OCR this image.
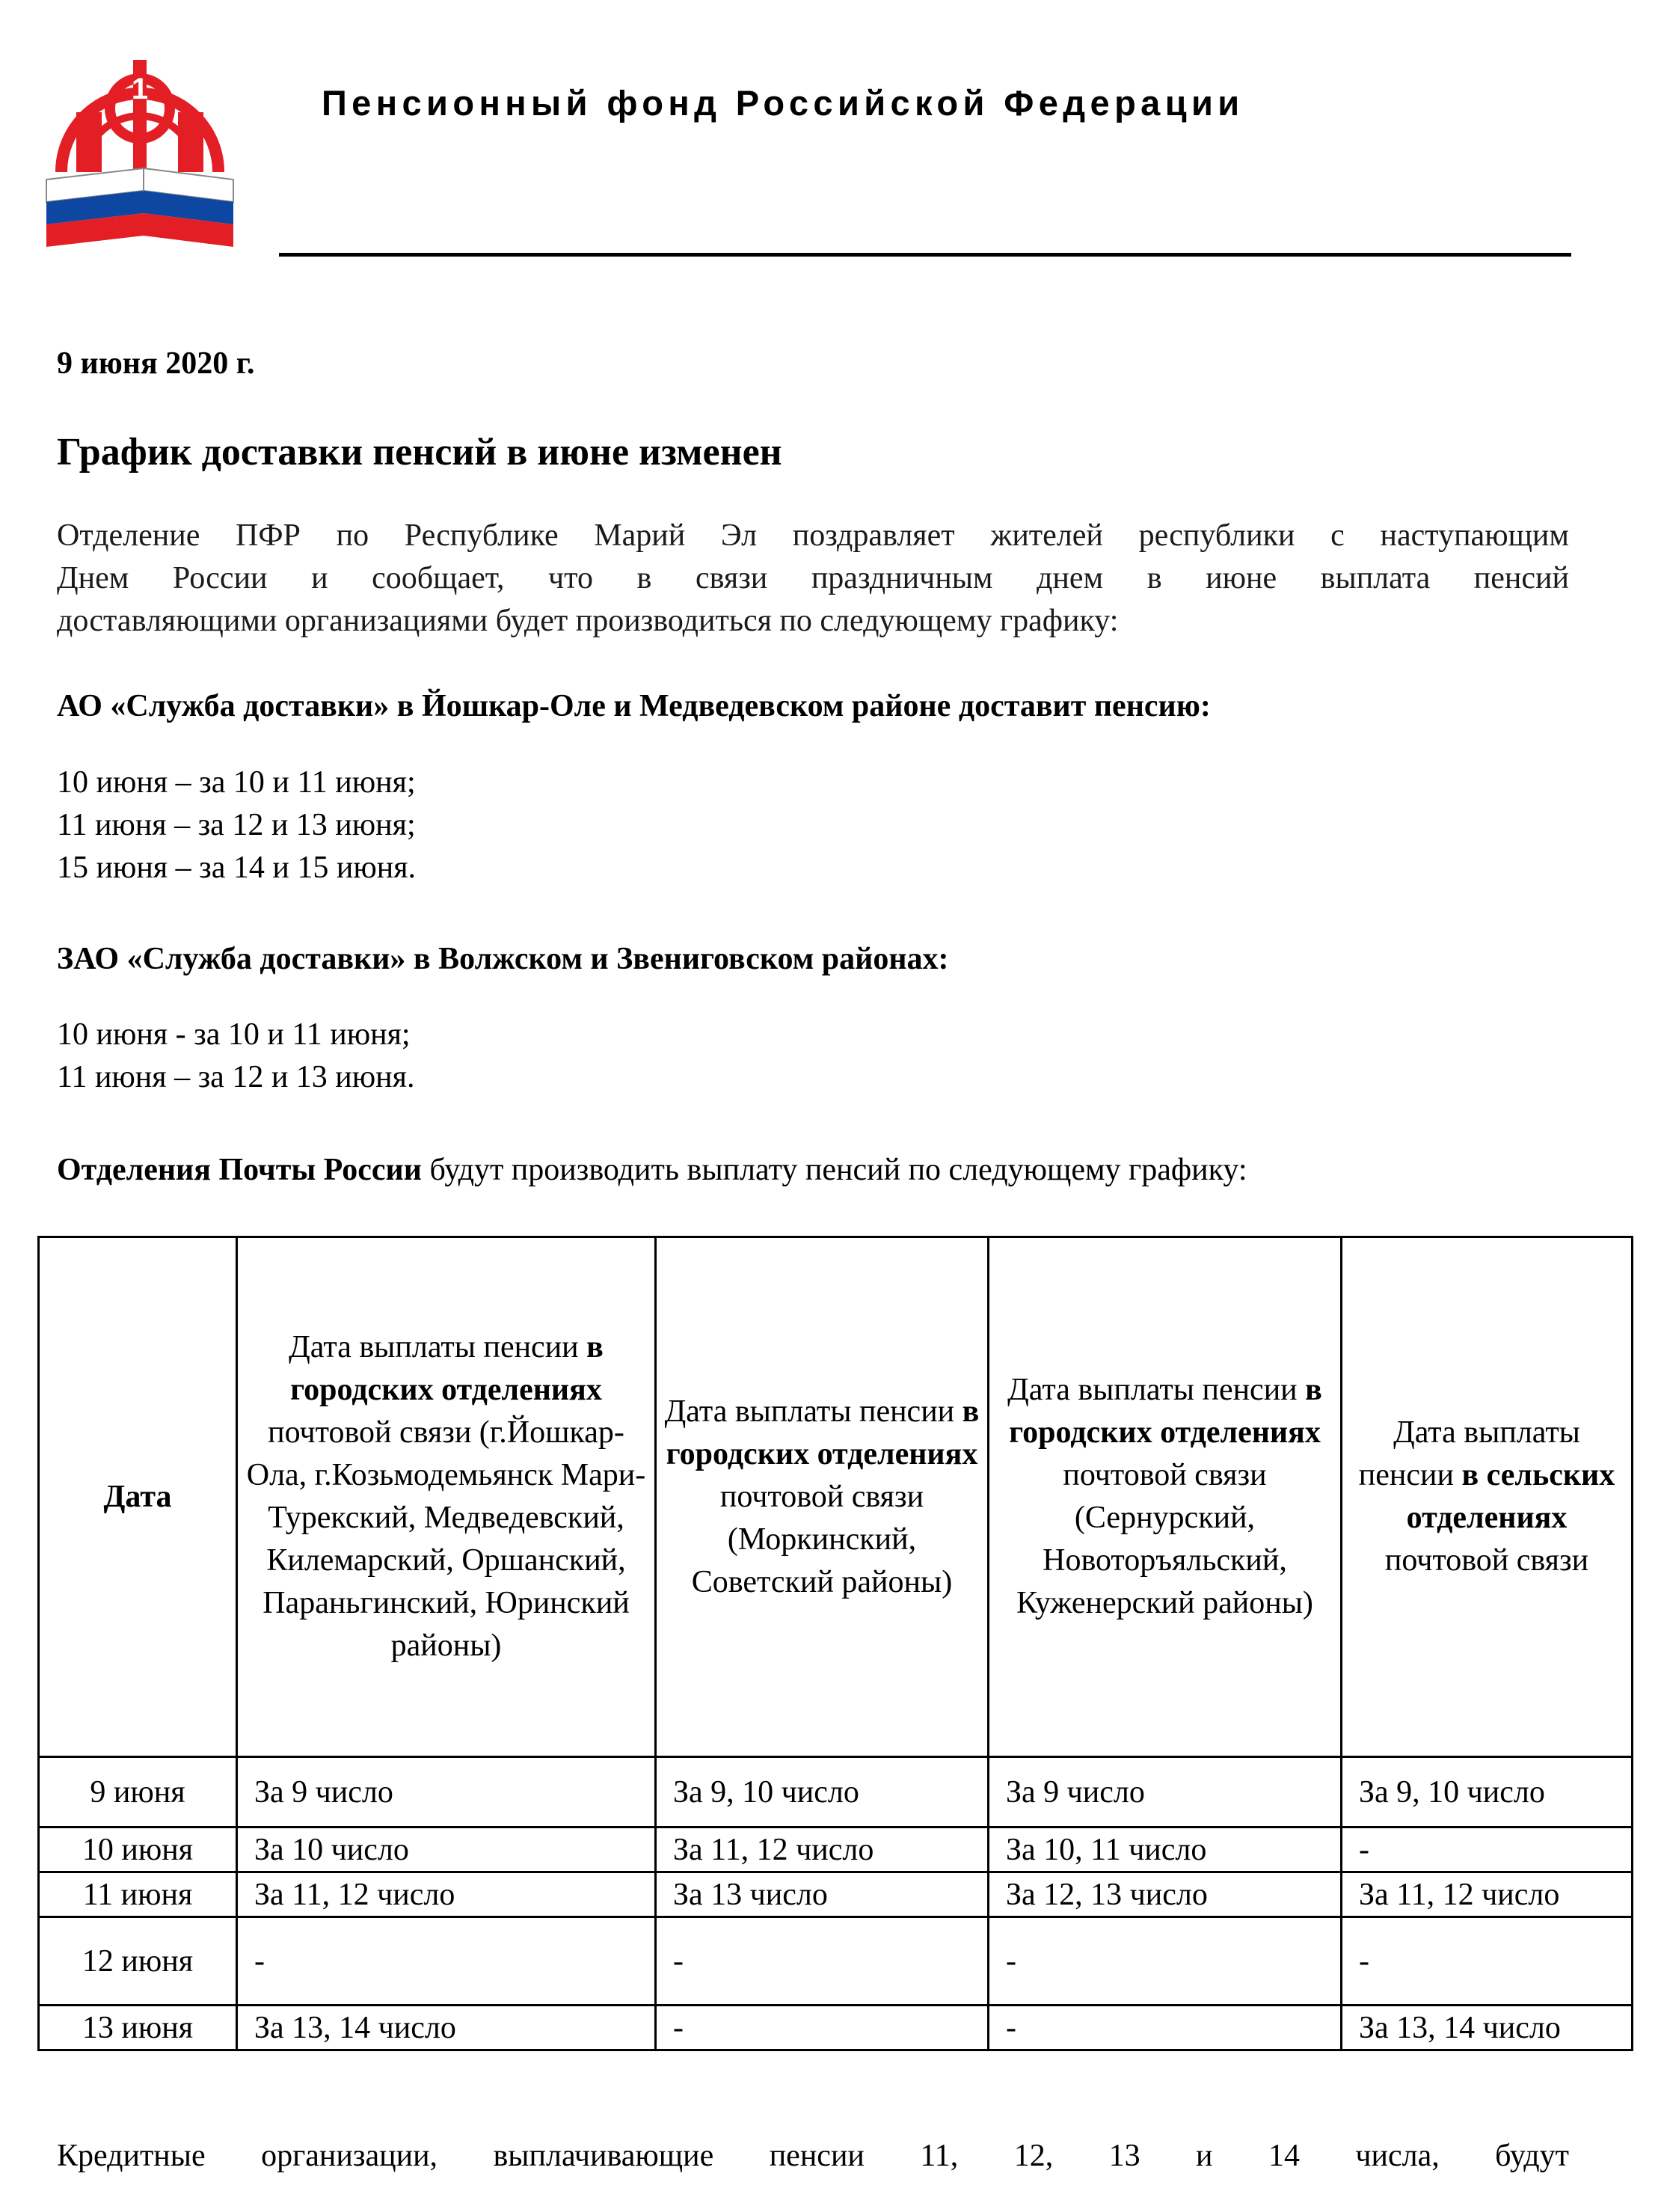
1	Пенсионный фонд Российской Федерации
9 июня 2020 г.
График доставки пенсий в июне изменен
Отделение ПФР по Республике Марий Эл поздравляет жителей республики с наступающим
Днем России и сообщает, что в связи праздничным днем в июне выплата пенсий
доставляющими организациями будет производиться по следующему графику:
АО «Служба доставки» в Йошкар-Оле и Медведевском районе доставит пенсию:
10 июня – за 10 и 11 июня;
11 июня – за 12 и 13 июня;
15 июня – за 14 и 15 июня.
ЗАО «Служба доставки» в Волжском и Звениговском районах:
10 июня - за 10 и 11 июня;
11 июня – за 12 и 13 июня.
Отделения Почты России будут производить выплату пенсий по следующему графику:
Дата	Дата выплаты пенсии в городских отделениях почтовой связи (г.Йошкар-Ола, г.Козьмодемьянск Мари-Турекский, Медведевский, Килемарский, Оршанский, Параньгинский, Юринский районы)	Дата выплаты пенсии в городских отделениях почтовой связи (Моркинский, Советский районы)	Дата выплаты пенсии в городских отделениях почтовой связи (Сернурский, Новоторъяльский, Куженерский районы)	Дата выплаты пенсии в сельских отделениях почтовой связи
9 июня	За 9 число	За 9, 10 число	За 9 число	За 9, 10 число
10 июня	За 10 число	За 11, 12 число	За 10, 11 число	-
11 июня	За 11, 12 число	За 13 число	За 12, 13 число	За 11, 12 число
12 июня	-	-	-	-
13 июня	За 13, 14 число	-	-	За 13, 14 число
Кредитные организации, выплачивающие пенсии 11, 12, 13 и 14 числа, будут
